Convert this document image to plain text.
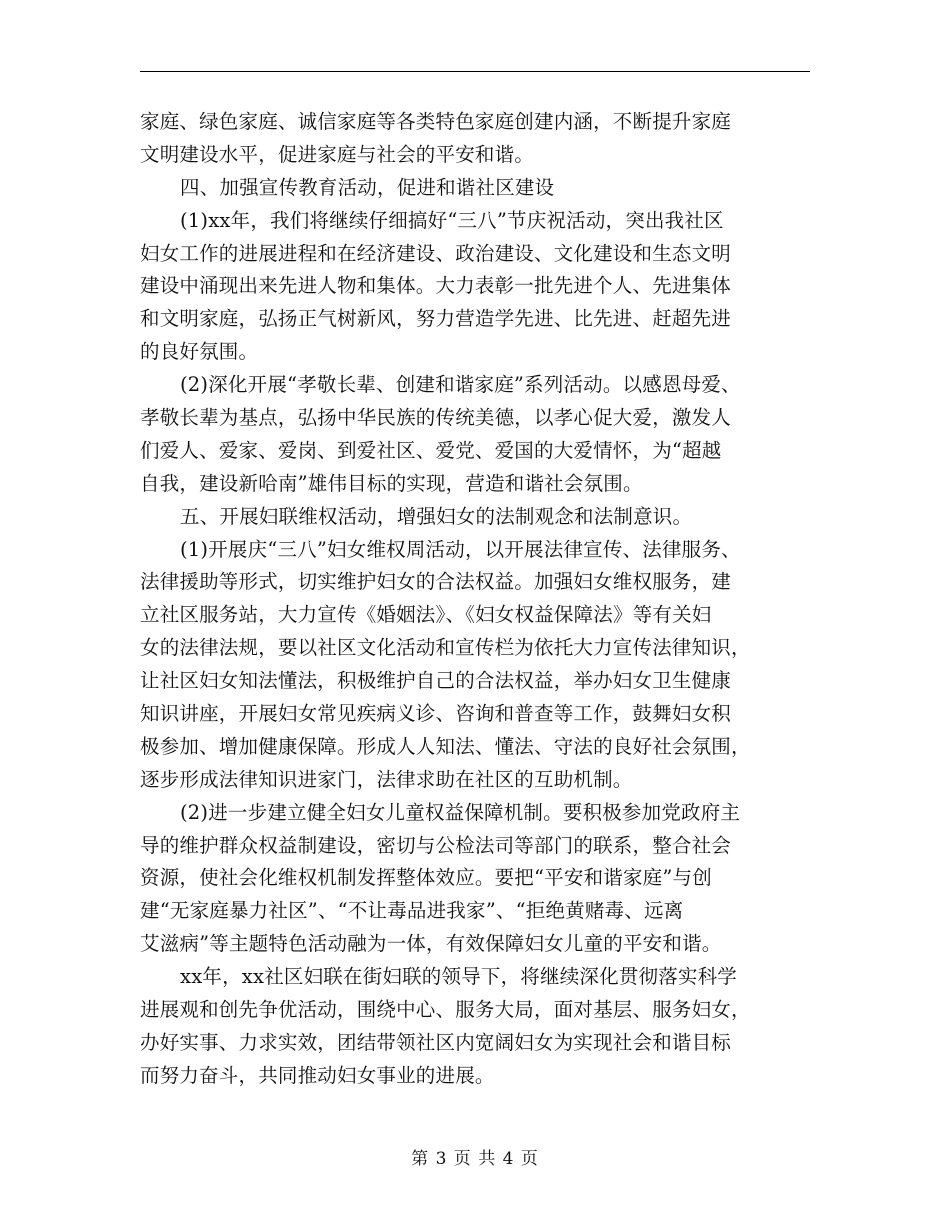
家庭、绿色家庭、诚信家庭等各类特色家庭创建内涵，不断提升家庭
文明建设水平，促进家庭与社会的平安和谐。
四、加强宣传教育活动，促进和谐社区建设
(1)xx年，我们将继续仔细搞好“三八”节庆祝活动，突出我社区
妇女工作的进展进程和在经济建设、政治建设、文化建设和生态文明
建设中涌现出来先进人物和集体。大力表彰一批先进个人、先进集体
和文明家庭，弘扬正气树新风，努力营造学先进、比先进、赶超先进
的良好氛围。
(2)深化开展“孝敬长辈、创建和谐家庭”系列活动。以感恩母爱、
孝敬长辈为基点，弘扬中华民族的传统美德，以孝心促大爱，激发人
们爱人、爱家、爱岗、到爱社区、爱党、爱国的大爱情怀，为“超越
自我，建设新哈南”雄伟目标的实现，营造和谐社会氛围。
五、开展妇联维权活动，增强妇女的法制观念和法制意识。
(1)开展庆“三八”妇女维权周活动，以开展法律宣传、法律服务、
法律援助等形式，切实维护妇女的合法权益。加强妇女维权服务，建
立社区服务站，大力宣传《婚姻法》、《妇女权益保障法》等有关妇
女的法律法规，要以社区文化活动和宣传栏为依托大力宣传法律知识，
让社区妇女知法懂法，积极维护自己的合法权益，举办妇女卫生健康
知识讲座，开展妇女常见疾病义诊、咨询和普查等工作，鼓舞妇女积
极参加、增加健康保障。形成人人知法、懂法、守法的良好社会氛围，
逐步形成法律知识进家门，法律求助在社区的互助机制。
(2)进一步建立健全妇女儿童权益保障机制。要积极参加党政府主
导的维护群众权益制建设，密切与公检法司等部门的联系，整合社会
资源，使社会化维权机制发挥整体效应。要把“平安和谐家庭”与创
建“无家庭暴力社区”、“不让毒品进我家”、“拒绝黄赌毒、远离
艾滋病”等主题特色活动融为一体，有效保障妇女儿童的平安和谐。
xx年，xx社区妇联在街妇联的领导下，将继续深化贯彻落实科学
进展观和创先争优活动，围绕中心、服务大局，面对基层、服务妇女，
办好实事、力求实效，团结带领社区内宽阔妇女为实现社会和谐目标
而努力奋斗，共同推动妇女事业的进展。
第 3 页 共 4 页
